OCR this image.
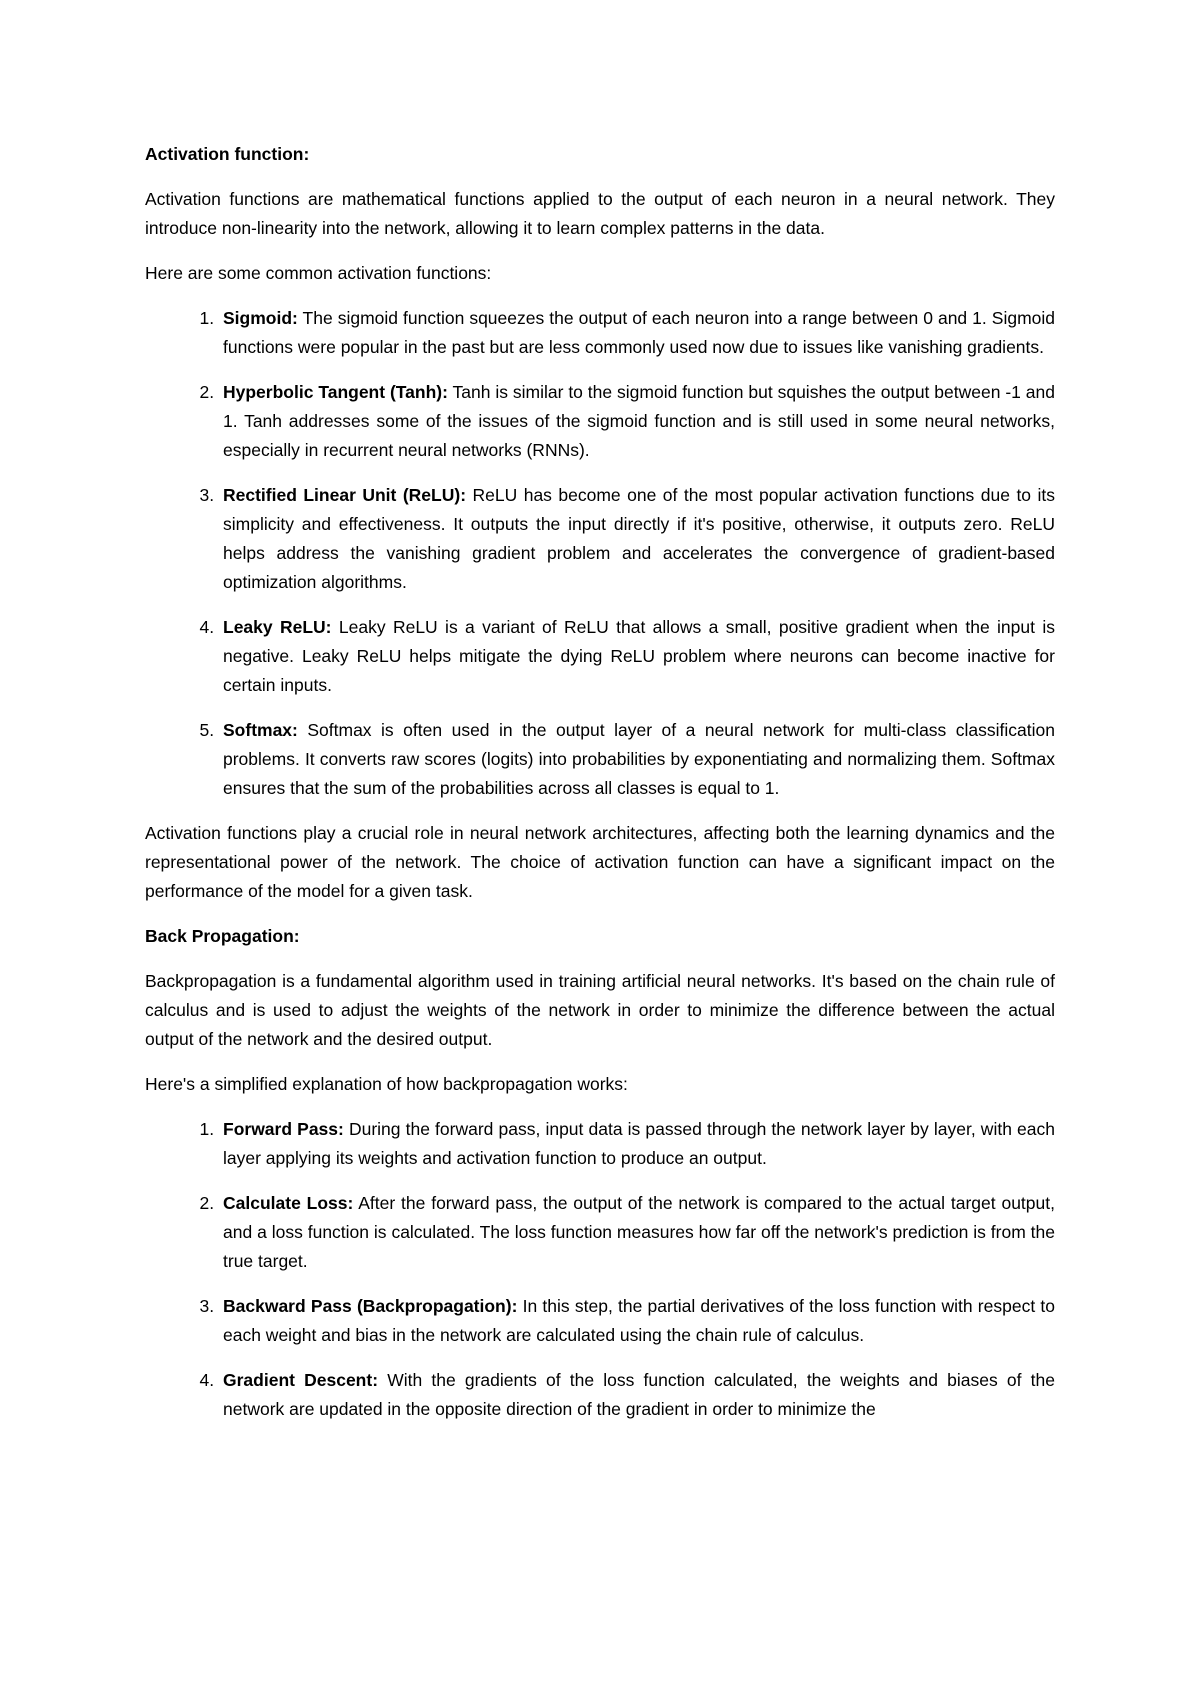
Activation function:

Activation functions are mathematical functions applied to the output of each neuron in a neural network. They introduce non-linearity into the network, allowing it to learn complex patterns in the data.

Here are some common activation functions:

1. Sigmoid: The sigmoid function squeezes the output of each neuron into a range between 0 and 1. Sigmoid functions were popular in the past but are less commonly used now due to issues like vanishing gradients.
2. Hyperbolic Tangent (Tanh): Tanh is similar to the sigmoid function but squishes the output between -1 and 1. Tanh addresses some of the issues of the sigmoid function and is still used in some neural networks, especially in recurrent neural networks (RNNs).
3. Rectified Linear Unit (ReLU): ReLU has become one of the most popular activation functions due to its simplicity and effectiveness. It outputs the input directly if it's positive, otherwise, it outputs zero. ReLU helps address the vanishing gradient problem and accelerates the convergence of gradient-based optimization algorithms.
4. Leaky ReLU: Leaky ReLU is a variant of ReLU that allows a small, positive gradient when the input is negative. Leaky ReLU helps mitigate the dying ReLU problem where neurons can become inactive for certain inputs.
5. Softmax: Softmax is often used in the output layer of a neural network for multi-class classification problems. It converts raw scores (logits) into probabilities by exponentiating and normalizing them. Softmax ensures that the sum of the probabilities across all classes is equal to 1.

Activation functions play a crucial role in neural network architectures, affecting both the learning dynamics and the representational power of the network. The choice of activation function can have a significant impact on the performance of the model for a given task.

Back Propagation:

Backpropagation is a fundamental algorithm used in training artificial neural networks. It's based on the chain rule of calculus and is used to adjust the weights of the network in order to minimize the difference between the actual output of the network and the desired output.

Here's a simplified explanation of how backpropagation works:

1. Forward Pass: During the forward pass, input data is passed through the network layer by layer, with each layer applying its weights and activation function to produce an output.
2. Calculate Loss: After the forward pass, the output of the network is compared to the actual target output, and a loss function is calculated. The loss function measures how far off the network's prediction is from the true target.
3. Backward Pass (Backpropagation): In this step, the partial derivatives of the loss function with respect to each weight and bias in the network are calculated using the chain rule of calculus.
4. Gradient Descent: With the gradients of the loss function calculated, the weights and biases of the network are updated in the opposite direction of the gradient in order to minimize the
